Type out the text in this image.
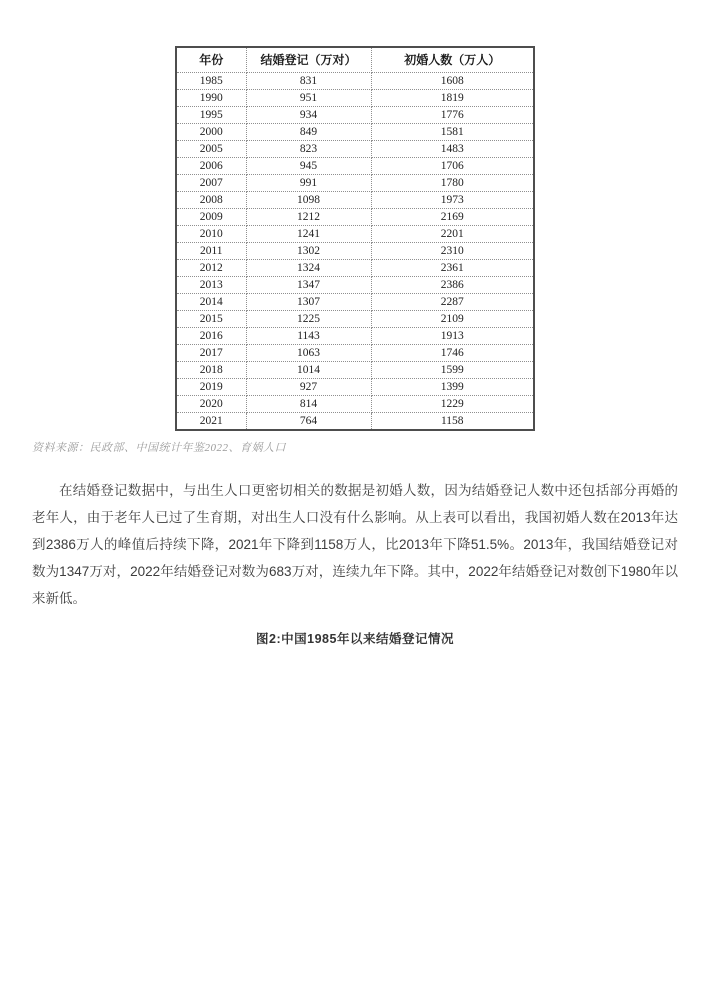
年份	结婚登记（万对）	初婚人数（万人）
1985	831	1608
1990	951	1819
1995	934	1776
2000	849	1581
2005	823	1483
2006	945	1706
2007	991	1780
2008	1098	1973
2009	1212	2169
2010	1241	2201
2011	1302	2310
2012	1324	2361
2013	1347	2386
2014	1307	2287
2015	1225	2109
2016	1143	1913
2017	1063	1746
2018	1014	1599
2019	927	1399
2020	814	1229
2021	764	1158
资料来源：民政部、中国统计年鉴2022、育娲人口

在结婚登记数据中，与出生人口更密切相关的数据是初婚人数，因为结婚登记人数中还包括部分再婚的老年人，由于老年人已过了生育期，对出生人口没有什么影响。从上表可以看出，我国初婚人数在2013年达到2386万人的峰值后持续下降，2021年下降到1158万人，比2013年下降51.5%。2013年，我国结婚登记对数为1347万对，2022年结婚登记对数为683万对，连续九年下降。其中，2022年结婚登记对数创下1980年以来新低。

图2:中国1985年以来结婚登记情况
